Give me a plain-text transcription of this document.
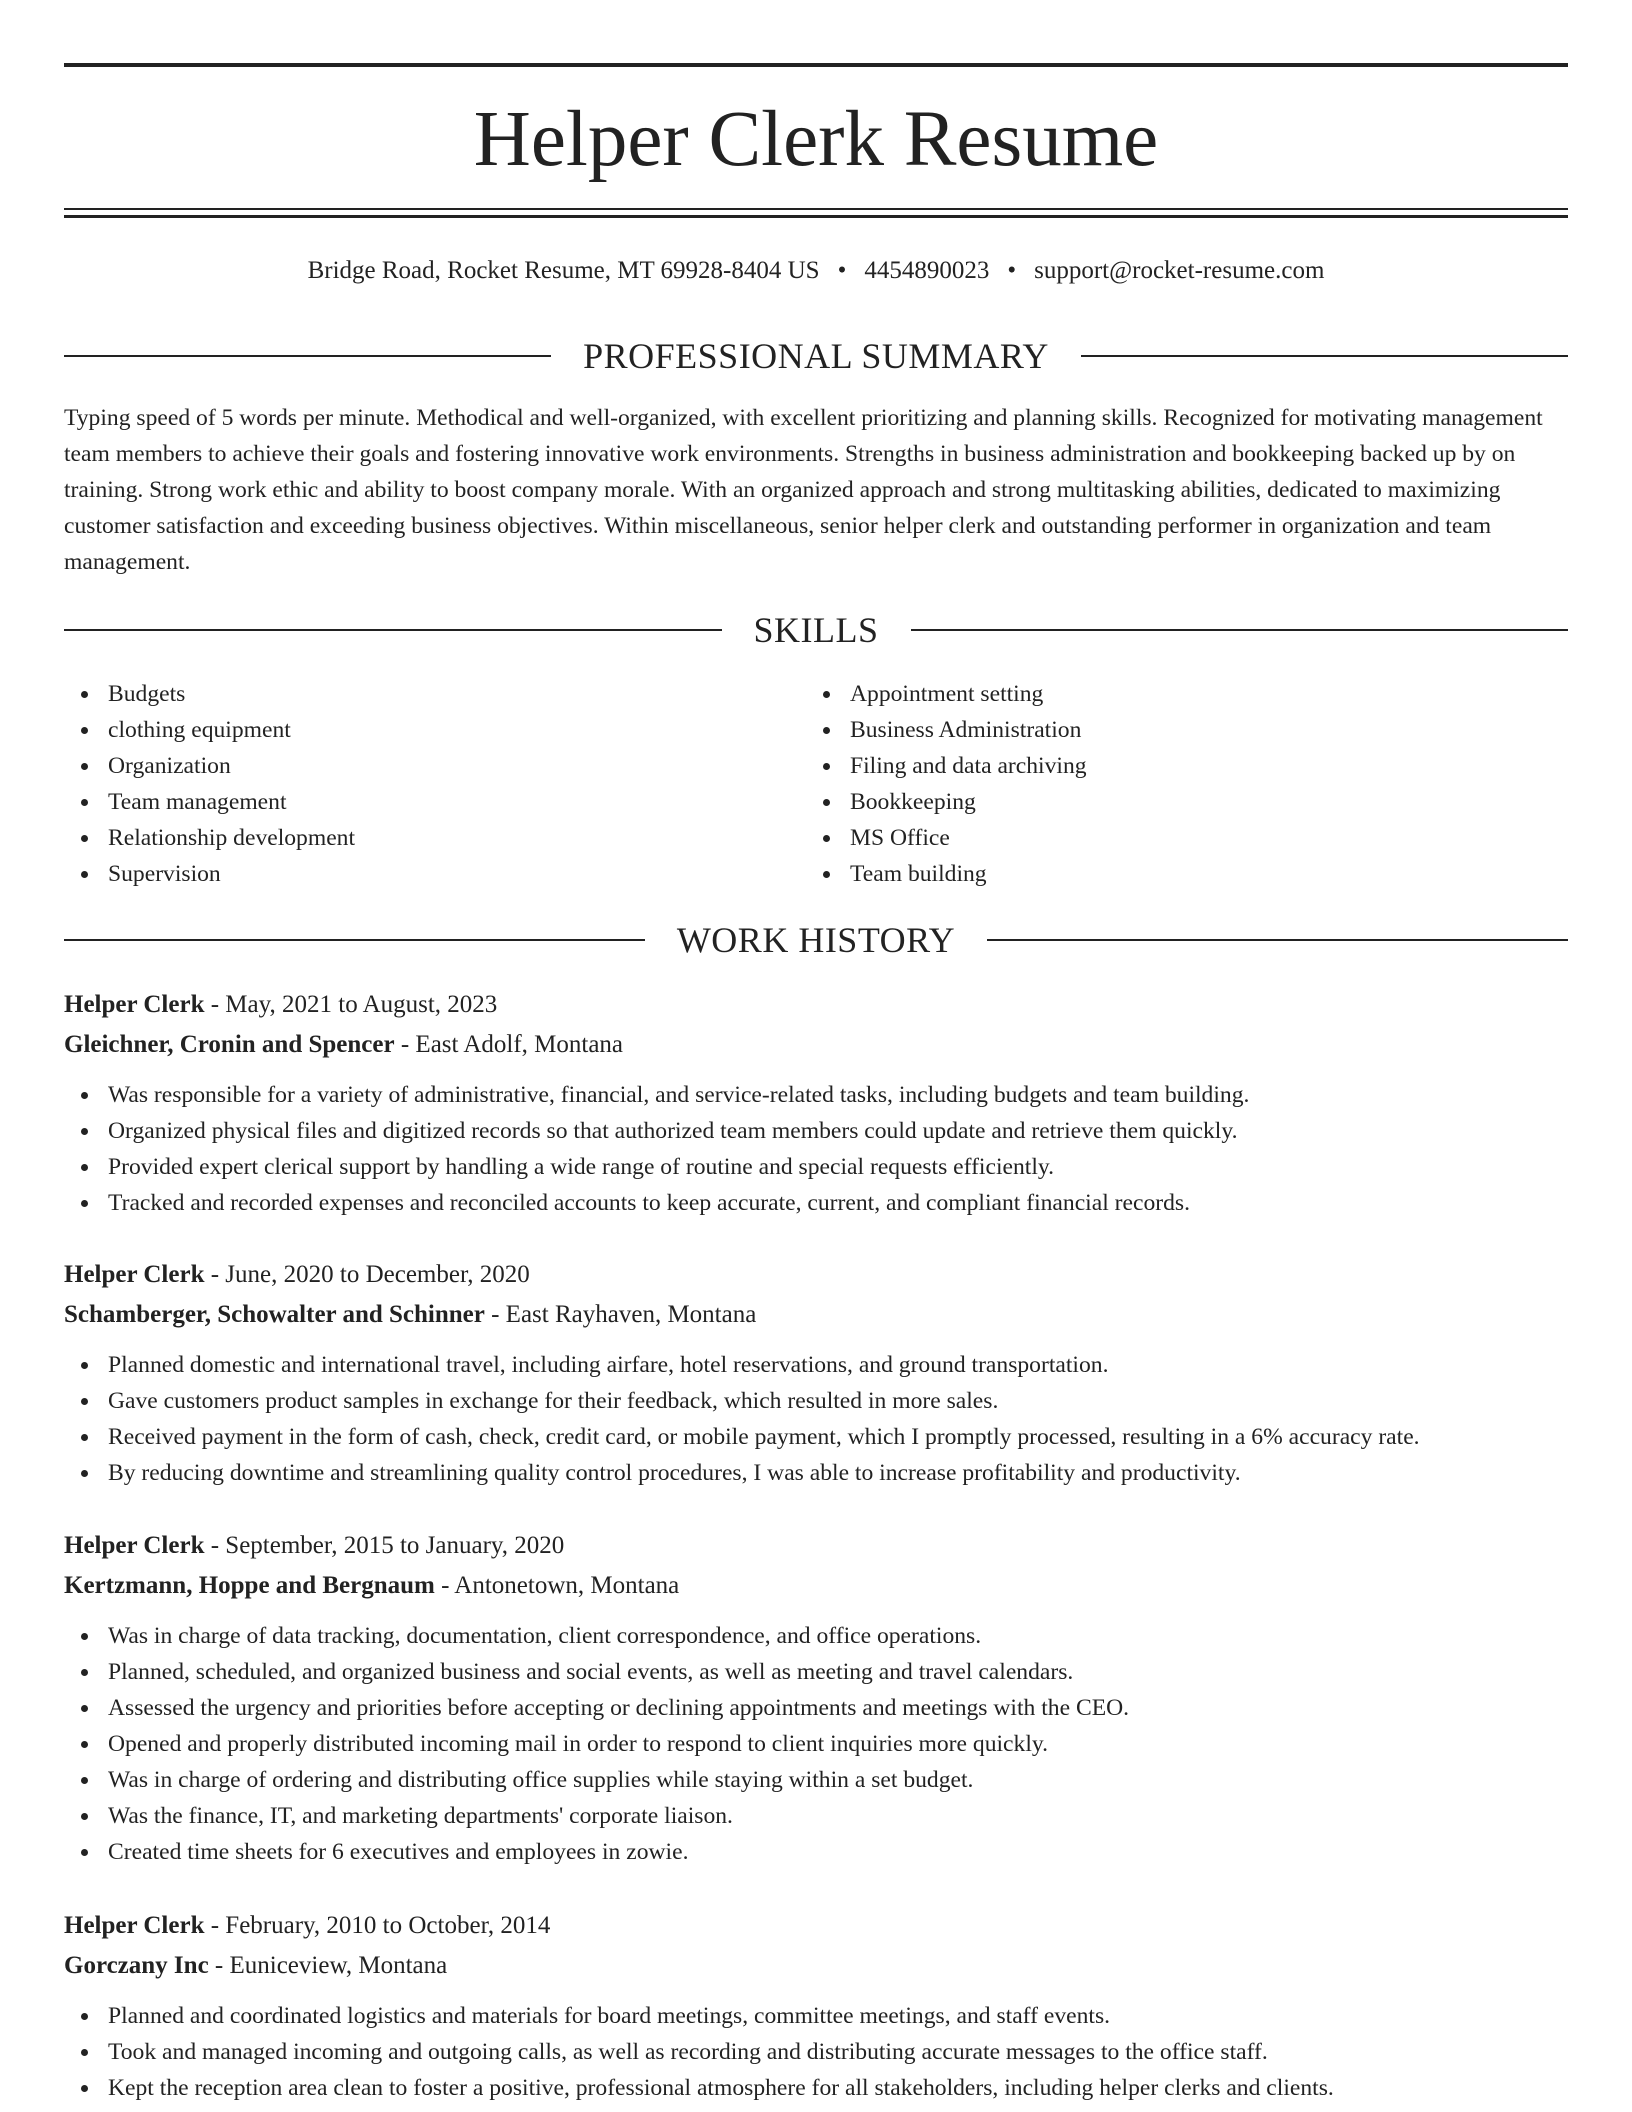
Helper Clerk Resume
Bridge Road, Rocket Resume, MT 69928-8404 US • 4454890023 • support@rocket-resume.com
PROFESSIONAL SUMMARY

Typing speed of 5 words per minute. Methodical and well-organized, with excellent prioritizing and planning skills. Recognized for motivating management team members to achieve their goals and fostering innovative work environments. Strengths in business administration and bookkeeping backed up by on training. Strong work ethic and ability to boost company morale. With an organized approach and strong multitasking abilities, dedicated to maximizing customer satisfaction and exceeding business objectives. Within miscellaneous, senior helper clerk and outstanding performer in organization and team management.

SKILLS
Budgets
clothing equipment
Organization
Team management
Relationship development
Supervision
Appointment setting
Business Administration
Filing and data archiving
Bookkeeping
MS Office
Team building
WORK HISTORY
Helper Clerk - May, 2021 to August, 2023
Gleichner, Cronin and Spencer - East Adolf, Montana
Was responsible for a variety of administrative, financial, and service-related tasks, including budgets and team building.
Organized physical files and digitized records so that authorized team members could update and retrieve them quickly.
Provided expert clerical support by handling a wide range of routine and special requests efficiently.
Tracked and recorded expenses and reconciled accounts to keep accurate, current, and compliant financial records.
Helper Clerk - June, 2020 to December, 2020
Schamberger, Schowalter and Schinner - East Rayhaven, Montana
Planned domestic and international travel, including airfare, hotel reservations, and ground transportation.
Gave customers product samples in exchange for their feedback, which resulted in more sales.
Received payment in the form of cash, check, credit card, or mobile payment, which I promptly processed, resulting in a 6% accuracy rate.
By reducing downtime and streamlining quality control procedures, I was able to increase profitability and productivity.
Helper Clerk - September, 2015 to January, 2020
Kertzmann, Hoppe and Bergnaum - Antonetown, Montana
Was in charge of data tracking, documentation, client correspondence, and office operations.
Planned, scheduled, and organized business and social events, as well as meeting and travel calendars.
Assessed the urgency and priorities before accepting or declining appointments and meetings with the CEO.
Opened and properly distributed incoming mail in order to respond to client inquiries more quickly.
Was in charge of ordering and distributing office supplies while staying within a set budget.
Was the finance, IT, and marketing departments' corporate liaison.
Created time sheets for 6 executives and employees in zowie.
Helper Clerk - February, 2010 to October, 2014
Gorczany Inc - Euniceview, Montana
Planned and coordinated logistics and materials for board meetings, committee meetings, and staff events.
Took and managed incoming and outgoing calls, as well as recording and distributing accurate messages to the office staff.
Kept the reception area clean to foster a positive, professional atmosphere for all stakeholders, including helper clerks and clients.
